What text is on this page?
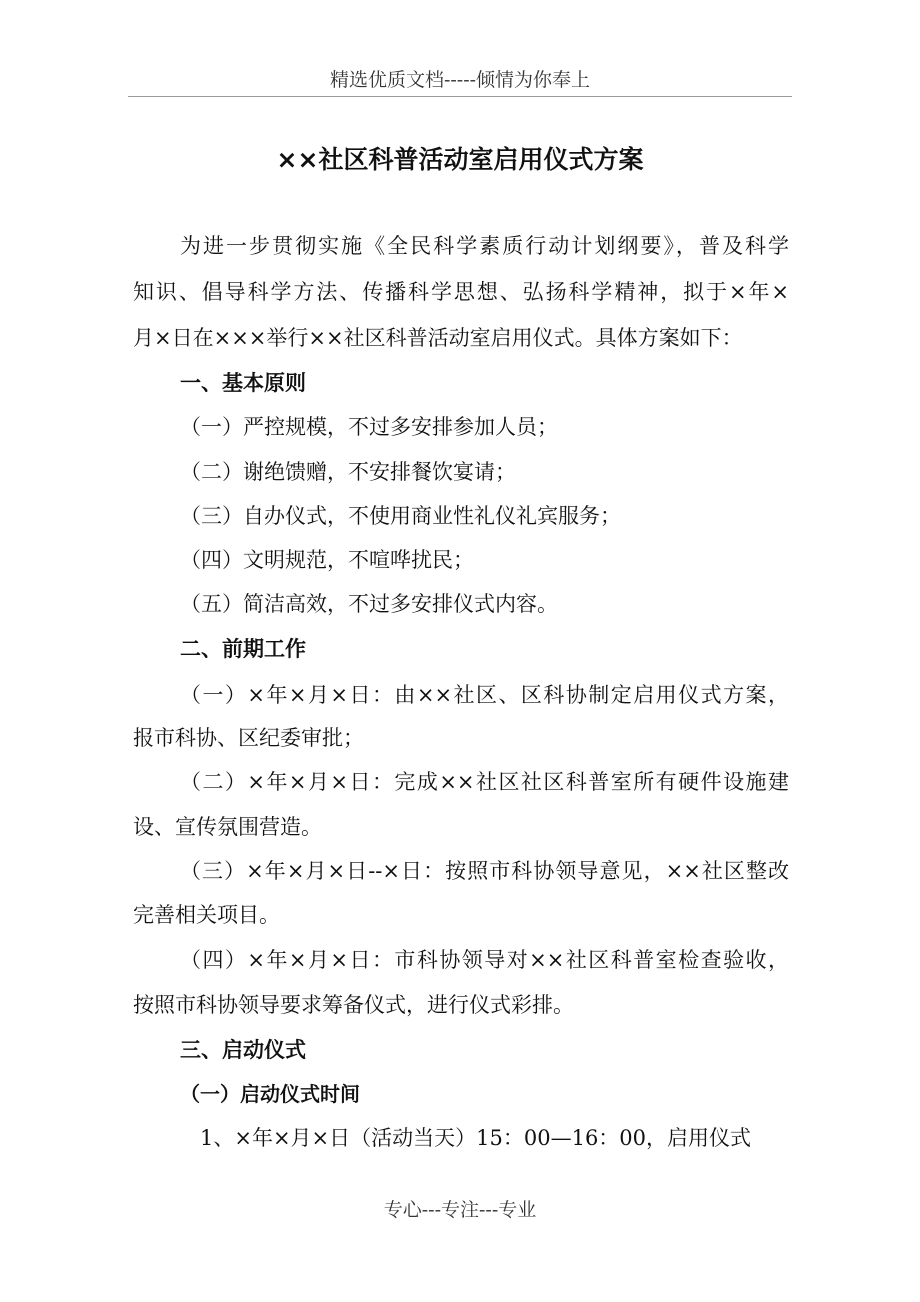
精选优质文档-----倾情为你奉上
××社区科普活动室启用仪式方案
为进一步贯彻实施《全民科学素质行动计划纲要》，普及科学
知识、倡导科学方法、传播科学思想、弘扬科学精神，拟于×年×
月×日在×××举行××社区科普活动室启用仪式。具体方案如下：
一、基本原则
（一）严控规模，不过多安排参加人员；
（二）谢绝馈赠，不安排餐饮宴请；
（三）自办仪式，不使用商业性礼仪礼宾服务；
（四）文明规范，不喧哗扰民；
（五）简洁高效，不过多安排仪式内容。
二、前期工作
（一）×年×月×日：由××社区、区科协制定启用仪式方案，
报市科协、区纪委审批；
（二）×年×月×日：完成××社区社区科普室所有硬件设施建
设、宣传氛围营造。
（三）×年×月×日--×日：按照市科协领导意见，××社区整改
完善相关项目。
（四）×年×月×日：市科协领导对××社区科普室检查验收，
按照市科协领导要求筹备仪式，进行仪式彩排。
三、启动仪式
（一）启动仪式时间
1、×年×月×日（活动当天）15：00—16：00，启用仪式
专心---专注---专业
